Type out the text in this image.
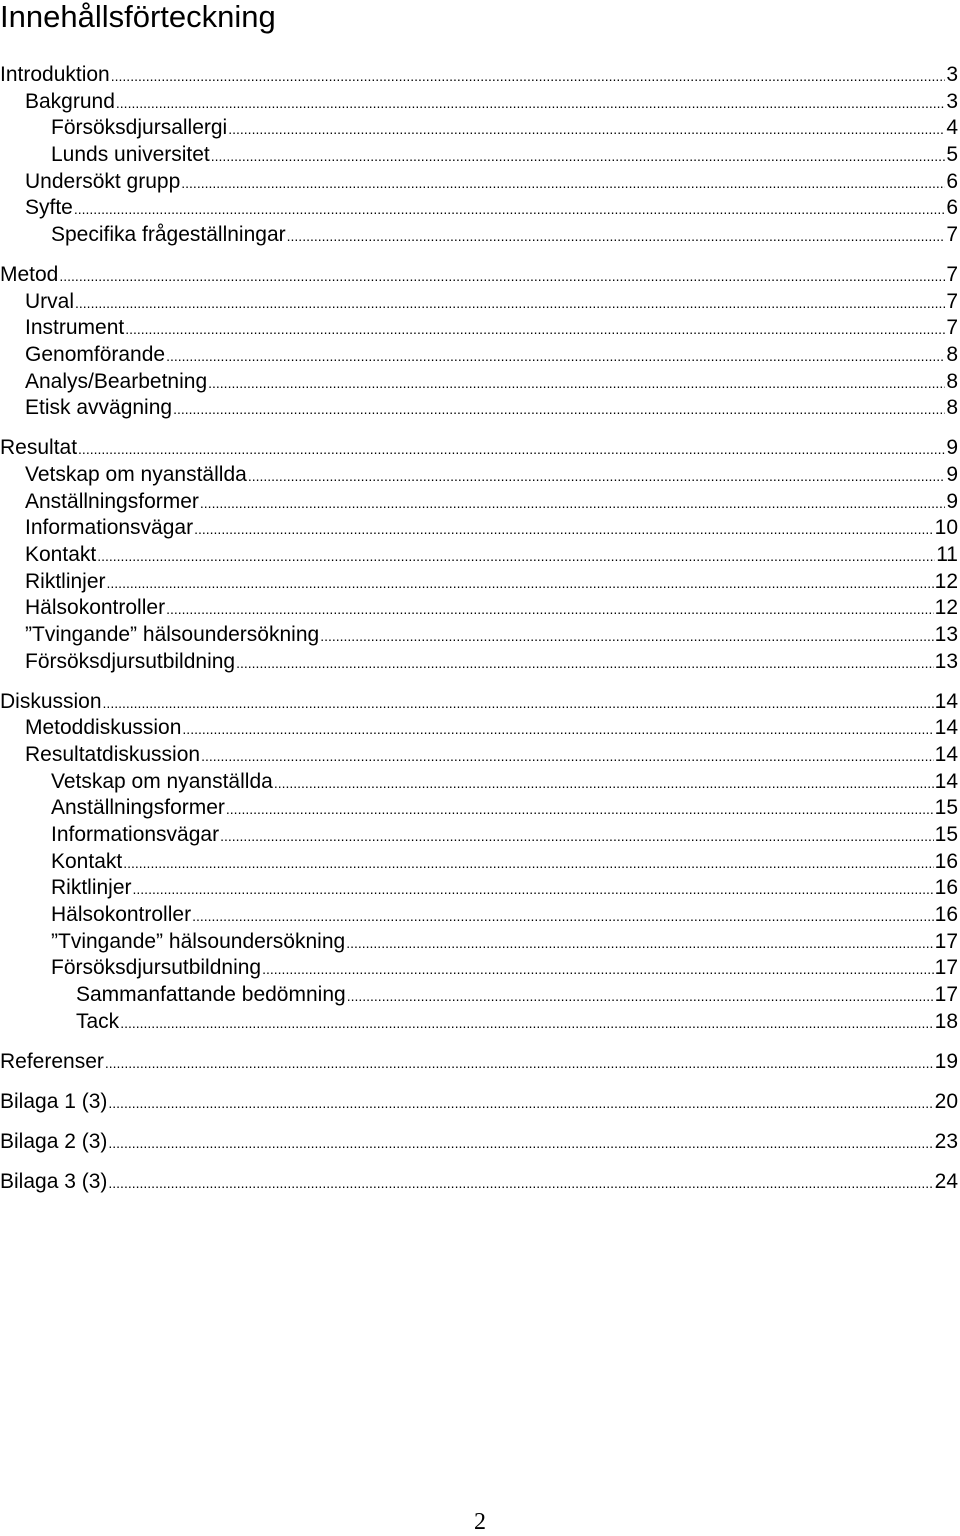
Innehållsförteckning
Introduktion .....	3
Bakgrund .....	3
Försöksdjursallergi .....	4
Lunds universitet .....	5
Undersökt grupp .....	6
Syfte .....	6
Specifika frågeställningar .....	7
Metod .....	7
Urval .....	7
Instrument .....	7
Genomförande .....	8
Analys/Bearbetning .....	8
Etisk avvägning .....	8
Resultat .....	9
Vetskap om nyanställda .....	9
Anställningsformer .....	9
Informationsvägar .....	10
Kontakt .....	11
Riktlinjer .....	12
Hälsokontroller .....	12
”Tvingande” hälsoundersökning .....	13
Försöksdjursutbildning .....	13
Diskussion .....	14
Metoddiskussion .....	14
Resultatdiskussion .....	14
Vetskap om nyanställda .....	14
Anställningsformer .....	15
Informationsvägar .....	15
Kontakt .....	16
Riktlinjer .....	16
Hälsokontroller .....	16
”Tvingande” hälsoundersökning .....	17
Försöksdjursutbildning .....	17
Sammanfattande bedömning .....	17
Tack .....	18
Referenser .....	19
Bilaga 1 (3) .....	20
Bilaga 2 (3) .....	23
Bilaga 3 (3) .....	24
2
